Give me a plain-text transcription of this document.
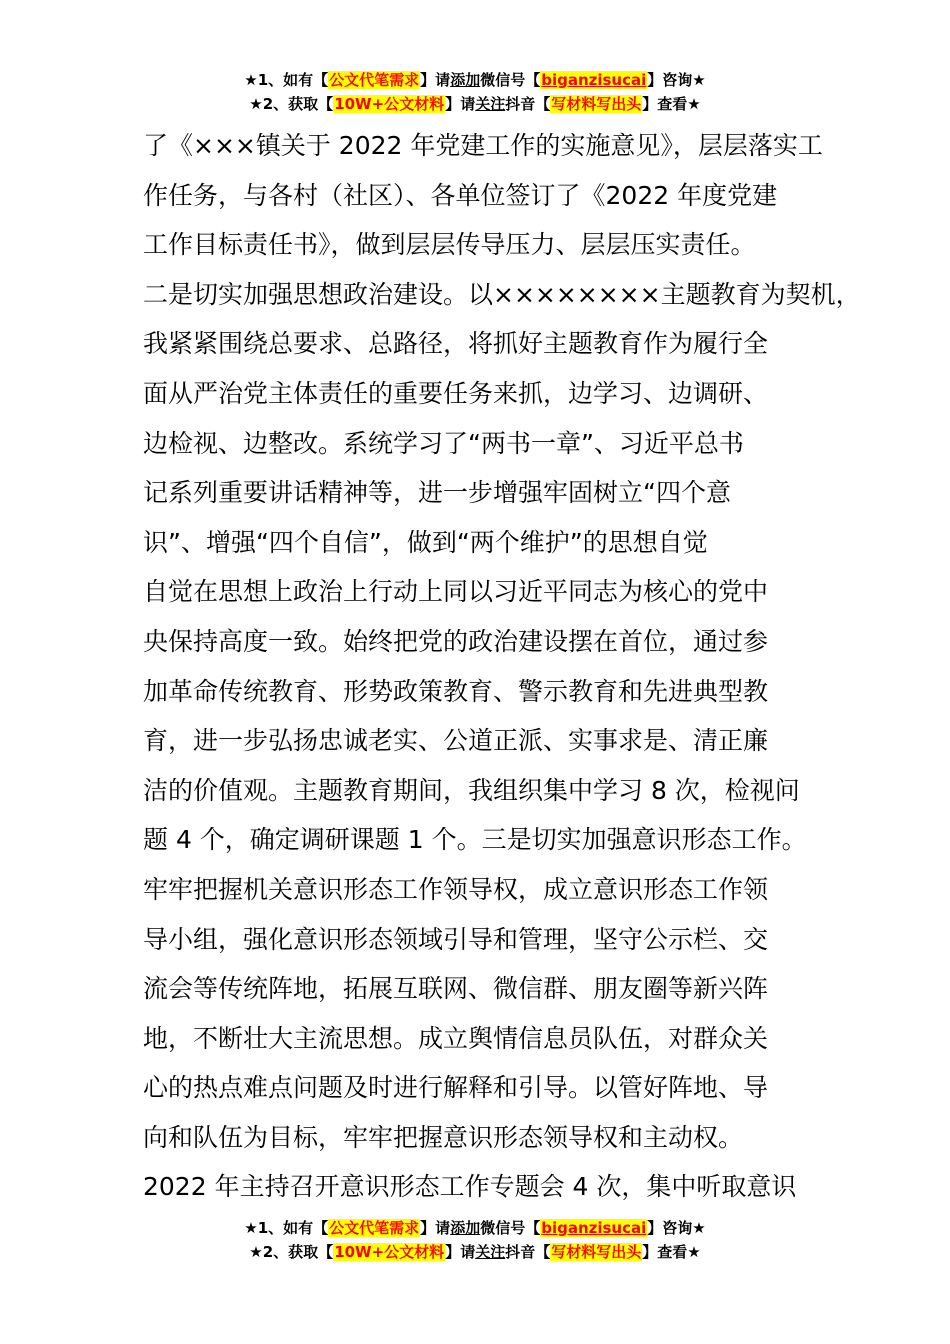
★1、如有【公文代笔需求】请添加微信号【biganzisucai】咨询★
★2、获取【10W+公文材料】请关注抖音【写材料写出头】查看★
了《×××镇关于 2022 年党建工作的实施意见》，层层落实工
作任务，与各村（社区）、各单位签订了《2022 年度党建
工作目标责任书》，做到层层传导压力、层层压实责任。
二是切实加强思想政治建设。以××××××××主题教育为契机，
我紧紧围绕总要求、总路径，将抓好主题教育作为履行全
面从严治党主体责任的重要任务来抓，边学习、边调研、
边检视、边整改。系统学习了“两书一章”、习近平总书
记系列重要讲话精神等，进一步增强牢固树立“四个意
识”、增强“四个自信”，做到“两个维护”的思想自觉
自觉在思想上政治上行动上同以习近平同志为核心的党中
央保持高度一致。始终把党的政治建设摆在首位，通过参
加革命传统教育、形势政策教育、警示教育和先进典型教
育，进一步弘扬忠诚老实、公道正派、实事求是、清正廉
洁的价值观。主题教育期间，我组织集中学习 8 次，检视问
题 4 个，确定调研课题 1 个。三是切实加强意识形态工作。
牢牢把握机关意识形态工作领导权，成立意识形态工作领
导小组，强化意识形态领域引导和管理，坚守公示栏、交
流会等传统阵地，拓展互联网、微信群、朋友圈等新兴阵
地，不断壮大主流思想。成立舆情信息员队伍，对群众关
心的热点难点问题及时进行解释和引导。以管好阵地、导
向和队伍为目标，牢牢把握意识形态领导权和主动权。
2022 年主持召开意识形态工作专题会 4 次，集中听取意识
★1、如有【公文代笔需求】请添加微信号【biganzisucai】咨询★
★2、获取【10W+公文材料】请关注抖音【写材料写出头】查看★
